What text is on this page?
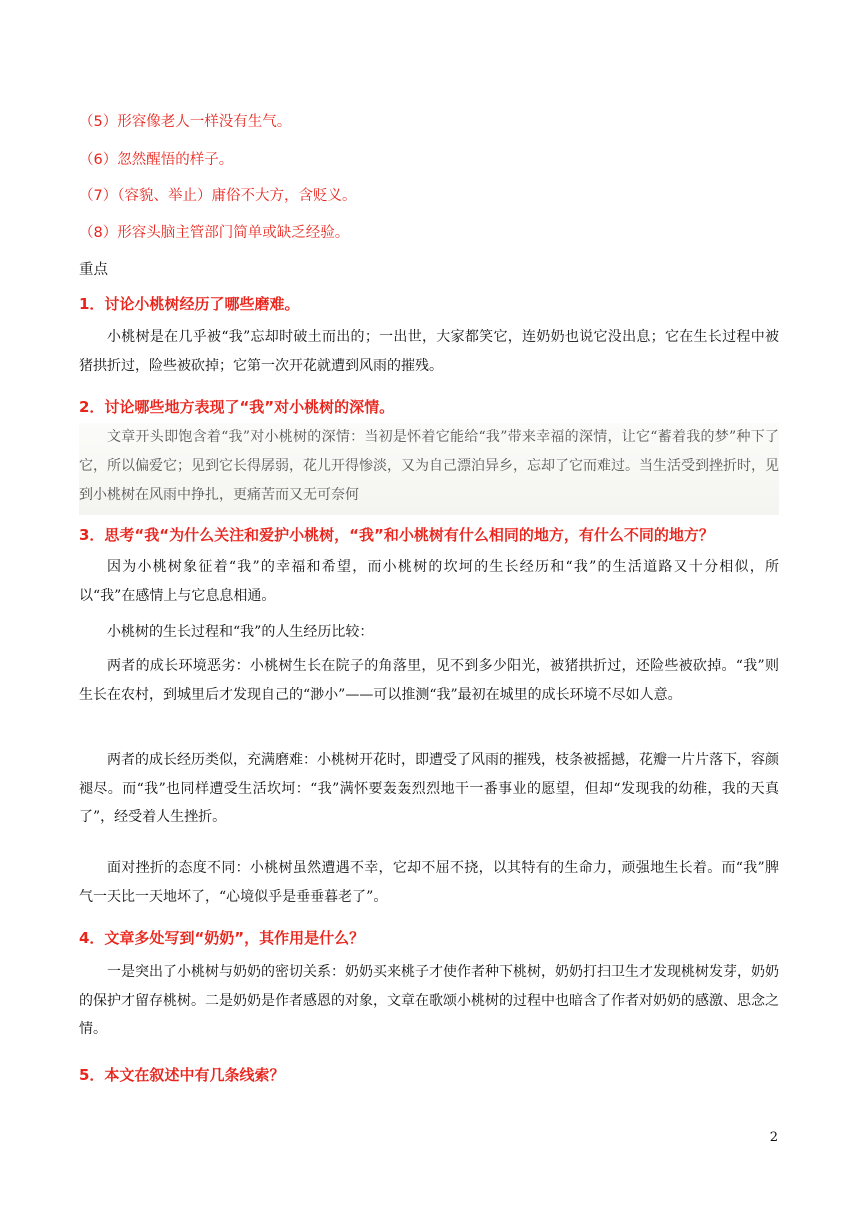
（5）形容像老人一样没有生气。
（6）忽然醒悟的样子。
（7）（容貌、举止）庸俗不大方，含贬义。
（8）形容头脑主管部门简单或缺乏经验。
重点
1．讨论小桃树经历了哪些磨难。
小桃树是在几乎被“我”忘却时破土而出的；一出世，大家都笑它，连奶奶也说它没出息；它在生长过程中被猪拱折过，险些被砍掉；它第一次开花就遭到风雨的摧残。
2．讨论哪些地方表现了“我”对小桃树的深情。
文章开头即饱含着“我”对小桃树的深情：当初是怀着它能给“我”带来幸福的深情，让它“蓄着我的梦”种下了它，所以偏爱它；见到它长得孱弱，花儿开得惨淡，又为自己漂泊异乡，忘却了它而难过。当生活受到挫折时，见到小桃树在风雨中挣扎，更痛苦而又无可奈何
3．思考“我“为什么关注和爱护小桃树，“我”和小桃树有什么相同的地方，有什么不同的地方？
因为小桃树象征着“我”的幸福和希望，而小桃树的坎坷的生长经历和“我”的生活道路又十分相似，所以“我”在感情上与它息息相通。
小桃树的生长过程和“我”的人生经历比较：
两者的成长环境恶劣：小桃树生长在院子的角落里，见不到多少阳光，被猪拱折过，还险些被砍掉。“我”则生长在农村，到城里后才发现自己的“渺小”——可以推测“我”最初在城里的成长环境不尽如人意。
两者的成长经历类似，充满磨难：小桃树开花时，即遭受了风雨的摧残，枝条被摇撼，花瓣一片片落下，容颜褪尽。而“我”也同样遭受生活坎坷：“我”满怀要轰轰烈烈地干一番事业的愿望，但却“发现我的幼稚，我的天真了”，经受着人生挫折。
面对挫折的态度不同：小桃树虽然遭遇不幸，它却不屈不挠，以其特有的生命力，顽强地生长着。而“我”脾气一天比一天地坏了，“心境似乎是垂垂暮老了”。
4．文章多处写到“奶奶”，其作用是什么？
一是突出了小桃树与奶奶的密切关系：奶奶买来桃子才使作者种下桃树，奶奶打扫卫生才发现桃树发芽，奶奶的保护才留存桃树。二是奶奶是作者感恩的对象，文章在歌颂小桃树的过程中也暗含了作者对奶奶的感激、思念之情。
5．本文在叙述中有几条线索？
2
